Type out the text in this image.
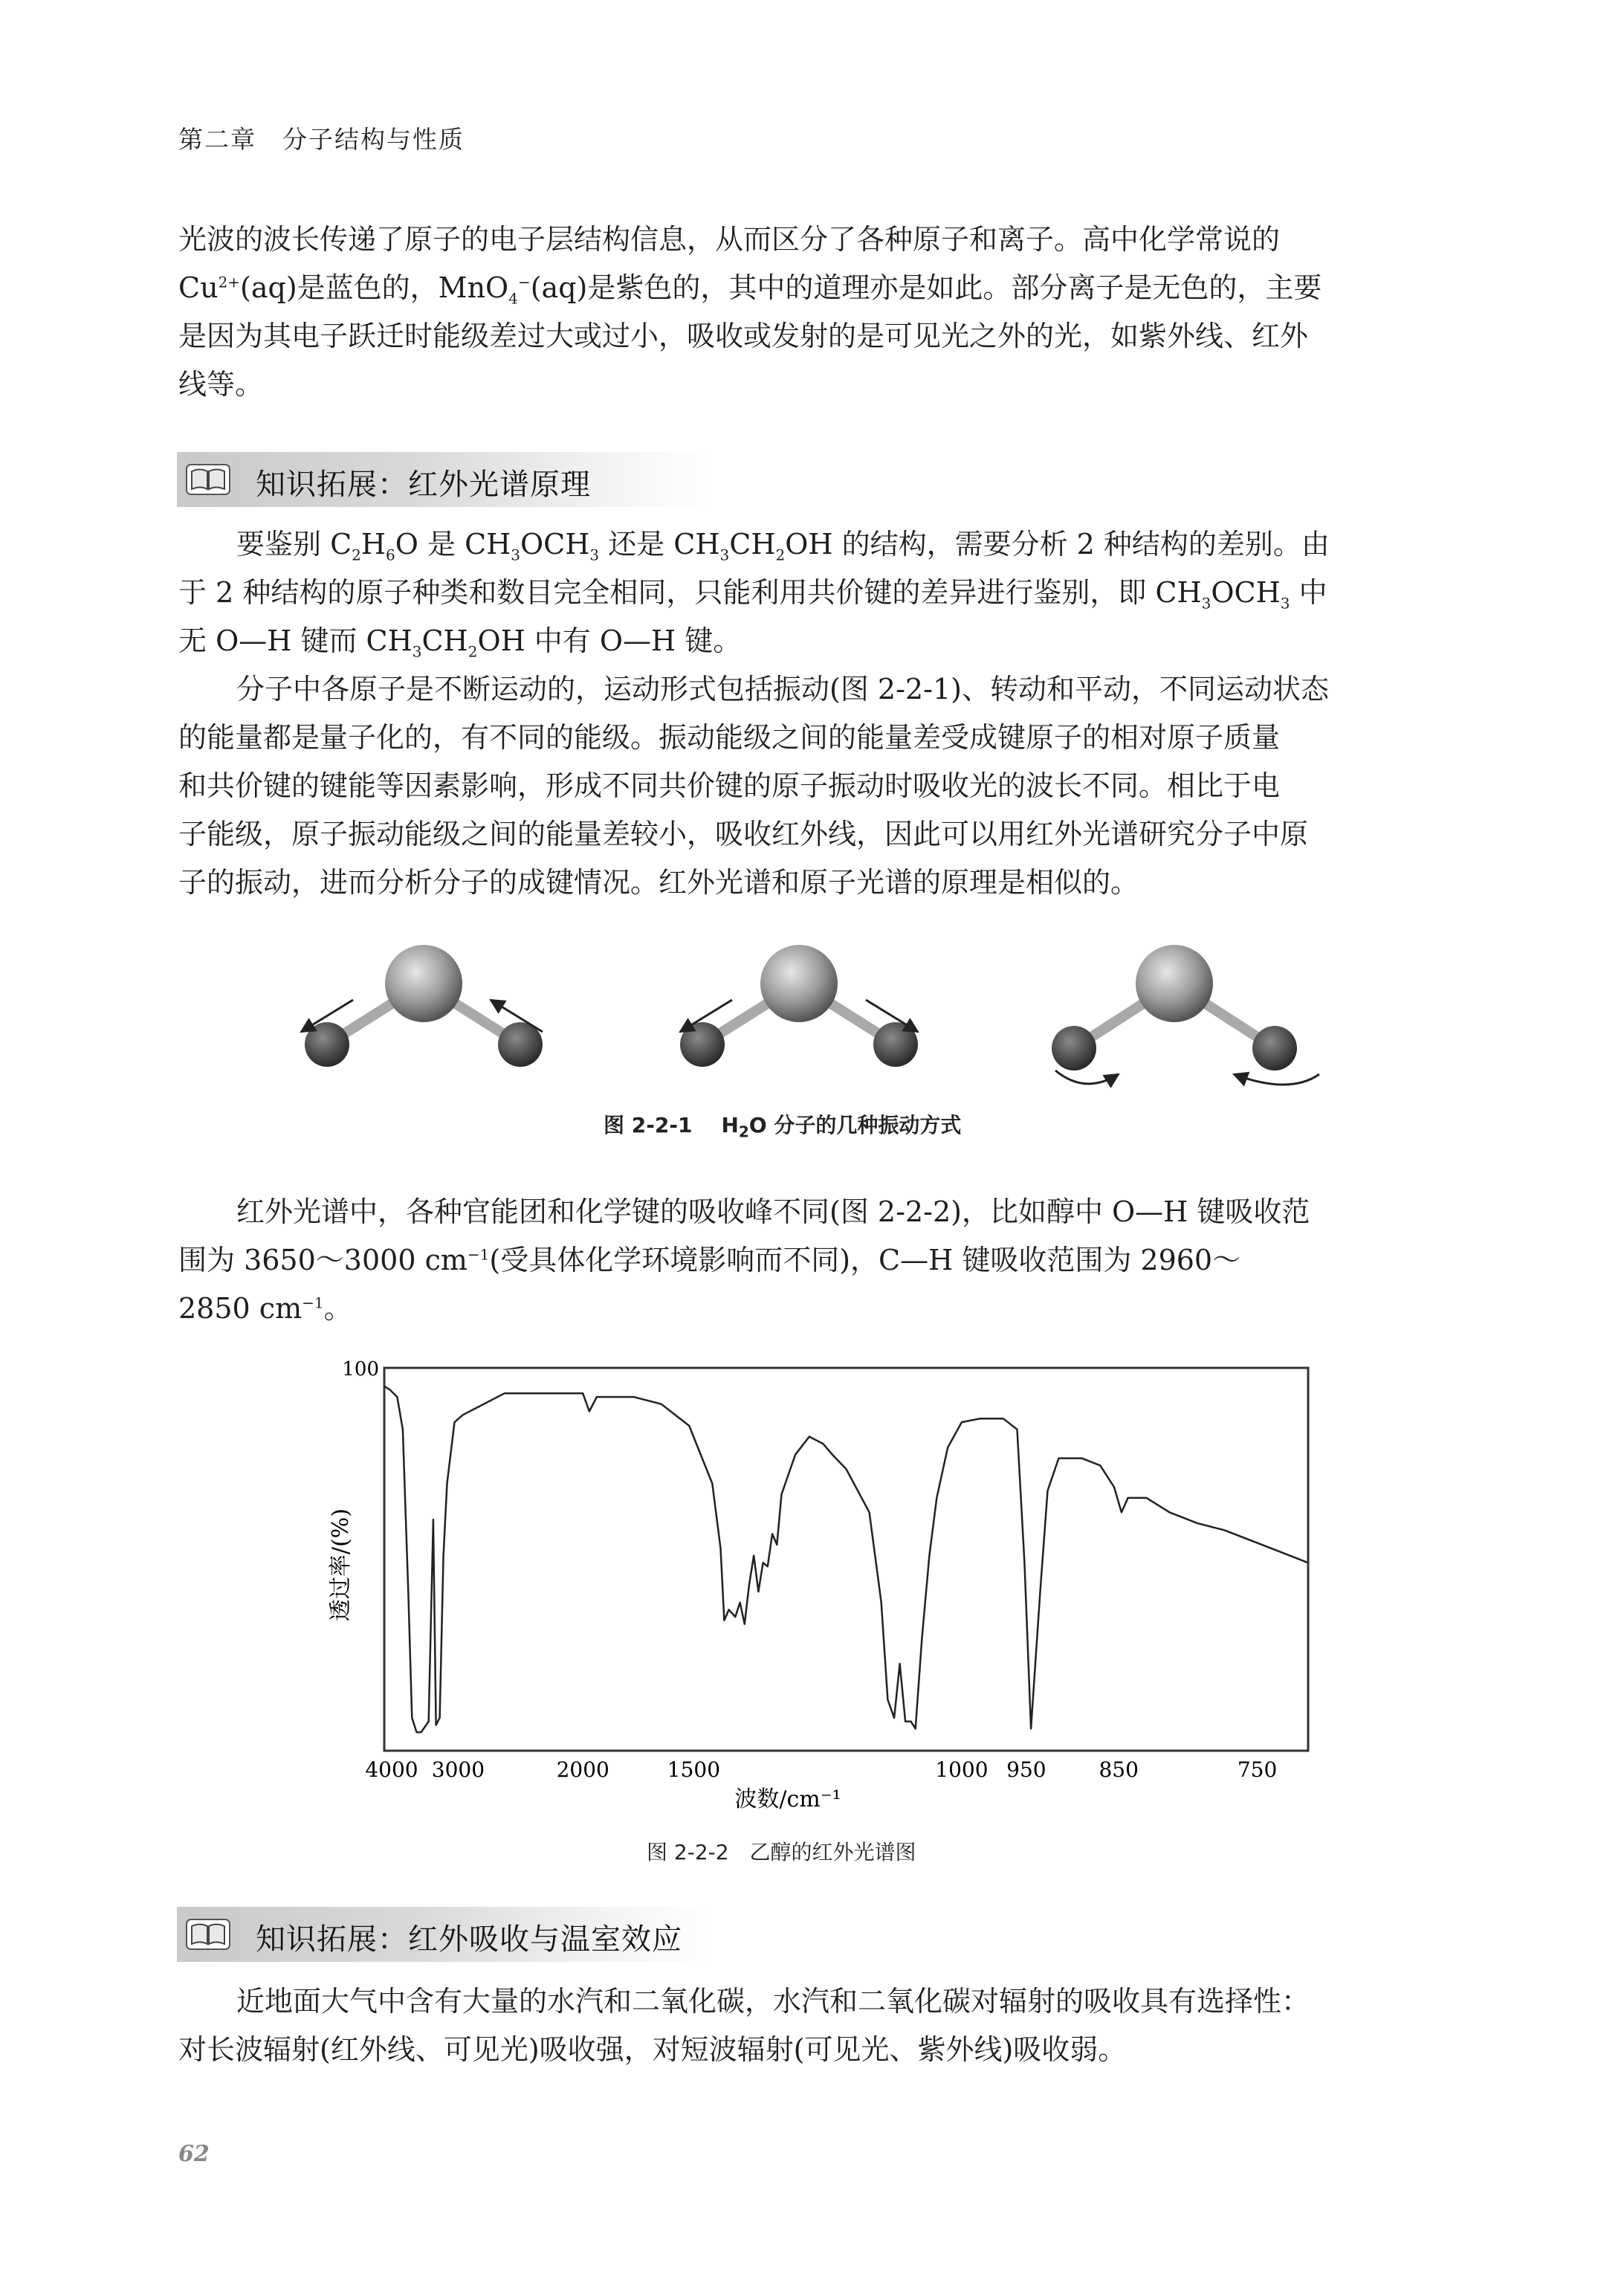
第二章　分子结构与性质
光波的波长传递了原子的电子层结构信息，从而区分了各种原子和离子。高中化学常说的
$Cu^{2+}(aq)$是蓝色的，MnO$_4$−(aq)是紫色的，其中的道理亦是如此。部分离子是无色的，主要
是因为其电子跃迁时能级差过大或过小，吸收或发射的是可见光之外的光，如紫外线、红外
线等。
知识拓展：红外光谱原理
要鉴别 $C_2H_6O$ 是 $CH_3OCH_3$ 还是 $CH_3CH_2OH$ 的结构，需要分析 2 种结构的差别。由
于 2 种结构的原子种类和数目完全相同，只能利用共价键的差异进行鉴别，即 $CH_3OCH_3$ 中
无 O—H 键而 $CH_3CH_2OH$ 中有 O—H 键。
分子中各原子是不断运动的，运动形式包括振动(图 2-2-1)、转动和平动，不同运动状态
的能量都是量子化的，有不同的能级。振动能级之间的能量差受成键原子的相对原子质量
和共价键的键能等因素影响，形成不同共价键的原子振动时吸收光的波长不同。相比于电
子能级，原子振动能级之间的能量差较小，吸收红外线，因此可以用红外光谱研究分子中原
子的振动，进而分析分子的成键情况。红外光谱和原子光谱的原理是相似的。
图 2-2-1 $H_2O$ 分子的几种振动方式
红外光谱中，各种官能团和化学键的吸收峰不同(图 2-2-2)，比如醇中 O—H 键吸收范
围为 3650～3000 $cm^{-1}$(受具体化学环境影响而不同)，C—H 键吸收范围为 2960～
2850 $cm^{-1}$。
100
透过率/(%)
4000 3000	2000	1500	1000 950	850	750
波数/cm⁻¹
图 2-2-2　乙醇的红外光谱图
知识拓展：红外吸收与温室效应
近地面大气中含有大量的水汽和二氧化碳，水汽和二氧化碳对辐射的吸收具有选择性：
对长波辐射(红外线、可见光)吸收强，对短波辐射(可见光、紫外线)吸收弱。
62
